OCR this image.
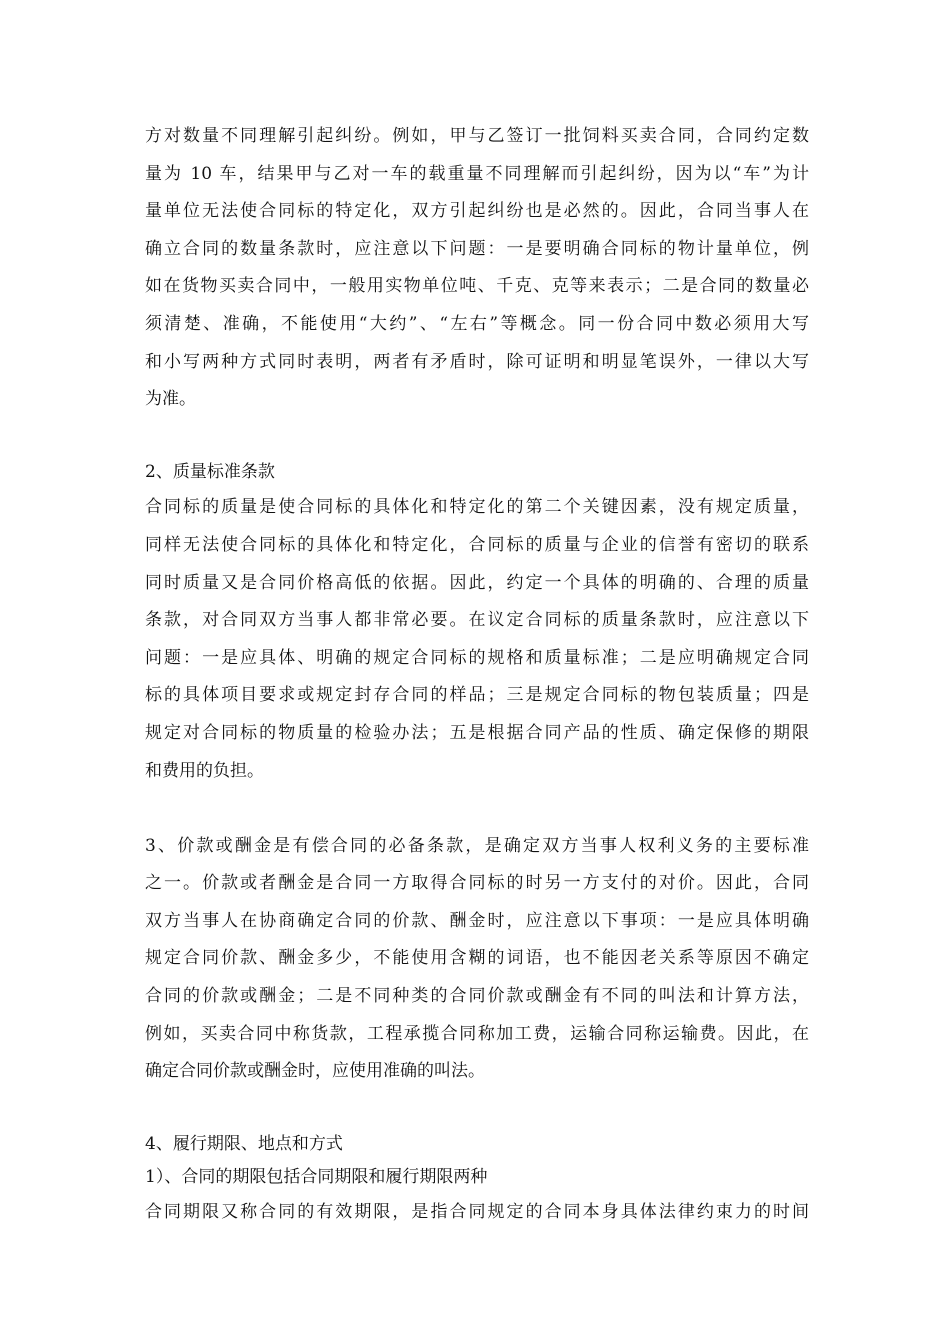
方对数量不同理解引起纠纷。例如，甲与乙签订一批饲料买卖合同，合同约定数
量为 10 车，结果甲与乙对一车的载重量不同理解而引起纠纷，因为以“车”为计
量单位无法使合同标的特定化，双方引起纠纷也是必然的。因此，合同当事人在
确立合同的数量条款时，应注意以下问题：一是要明确合同标的物计量单位，例
如在货物买卖合同中，一般用实物单位吨、千克、克等来表示；二是合同的数量必
须清楚、准确，不能使用“大约”、“左右”等概念。同一份合同中数必须用大写
和小写两种方式同时表明，两者有矛盾时，除可证明和明显笔误外，一律以大写
为准。
2、质量标准条款
合同标的质量是使合同标的具体化和特定化的第二个关键因素，没有规定质量，
同样无法使合同标的具体化和特定化，合同标的质量与企业的信誉有密切的联系
同时质量又是合同价格高低的依据。因此，约定一个具体的明确的、合理的质量
条款，对合同双方当事人都非常必要。在议定合同标的质量条款时，应注意以下
问题：一是应具体、明确的规定合同标的规格和质量标准；二是应明确规定合同
标的具体项目要求或规定封存合同的样品；三是规定合同标的物包装质量；四是
规定对合同标的物质量的检验办法；五是根据合同产品的性质、确定保修的期限
和费用的负担。
3、价款或酬金是有偿合同的必备条款，是确定双方当事人权利义务的主要标准
之一。价款或者酬金是合同一方取得合同标的时另一方支付的对价。因此，合同
双方当事人在协商确定合同的价款、酬金时，应注意以下事项：一是应具体明确
规定合同价款、酬金多少，不能使用含糊的词语，也不能因老关系等原因不确定
合同的价款或酬金；二是不同种类的合同价款或酬金有不同的叫法和计算方法，
例如，买卖合同中称货款，工程承揽合同称加工费，运输合同称运输费。因此，在
确定合同价款或酬金时，应使用准确的叫法。
4、履行期限、地点和方式
1）、合同的期限包括合同期限和履行期限两种
合同期限又称合同的有效期限，是指合同规定的合同本身具体法律约束力的时间
